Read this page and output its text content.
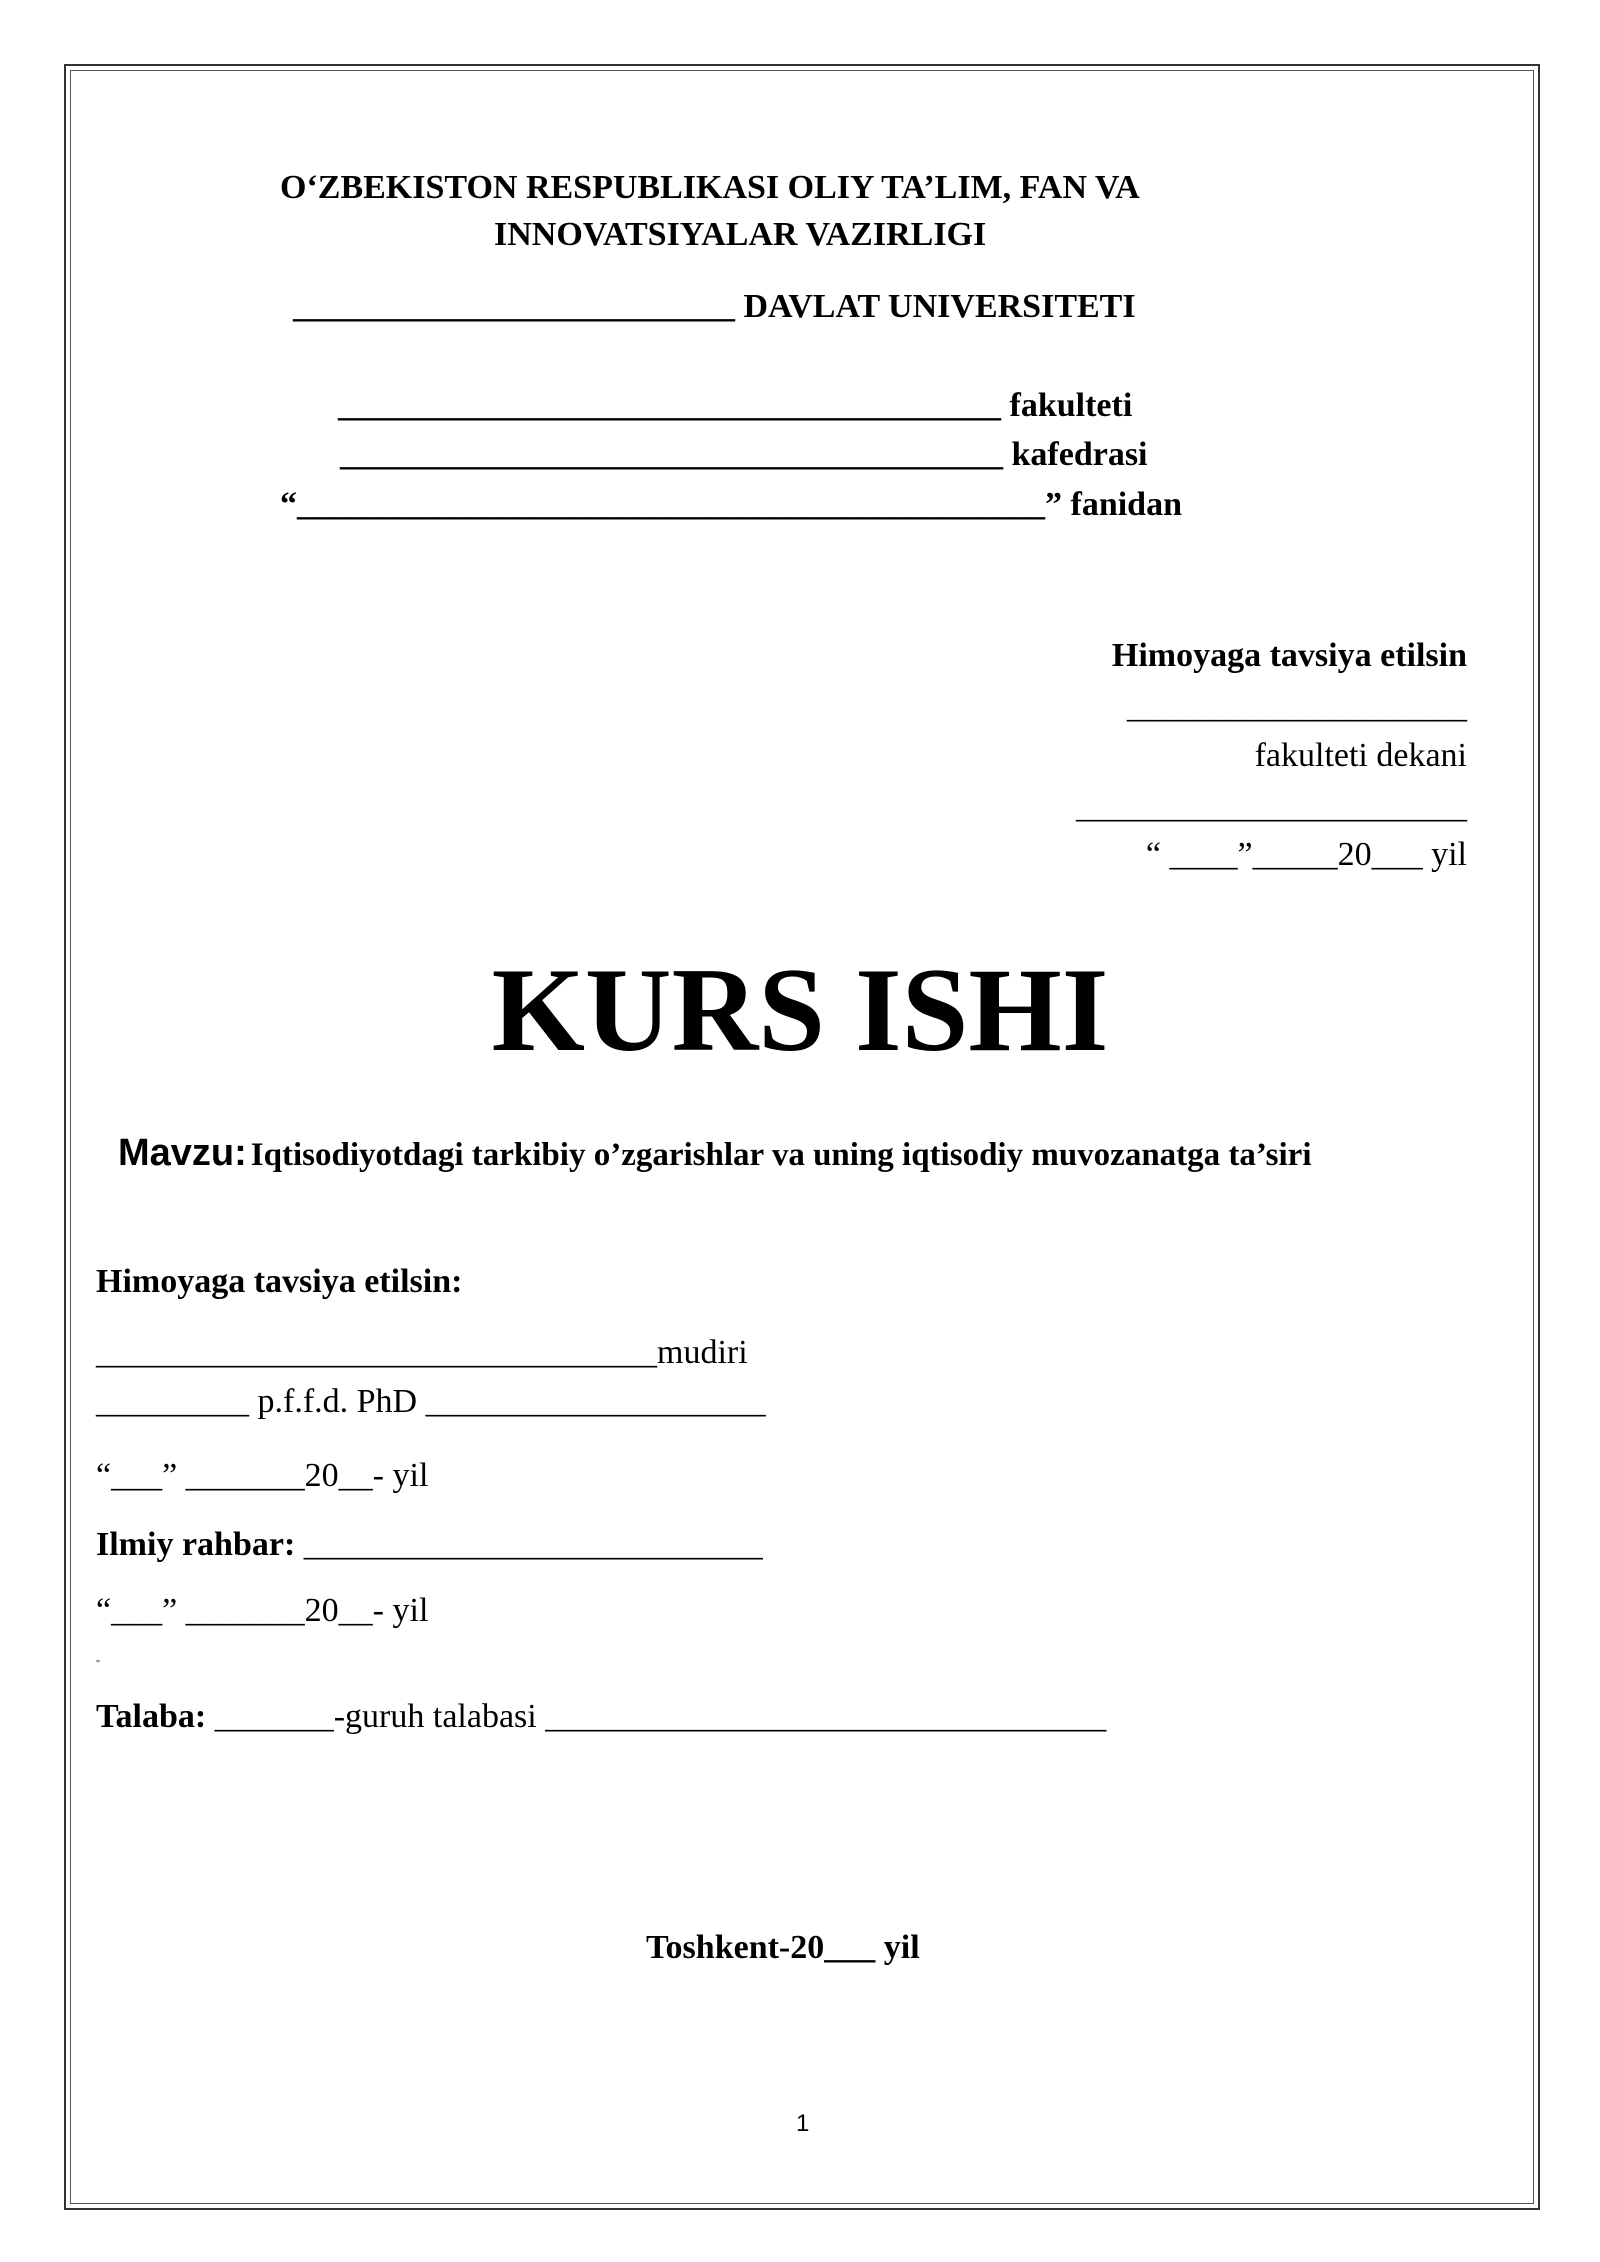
O‘ZBEKISTON RESPUBLIKASI OLIY TA’LIM, FAN VA
INNOVATSIYALAR VAZIRLIGI
__________________________ DAVLAT UNIVERSITETI
_______________________________________ fakulteti
_______________________________________ kafedrasi
“____________________________________________” fanidan
Himoyaga tavsiya etilsin
____________________
fakulteti dekani
_______________________
“ ____”_____20___ yil
KURS ISHI
Mavzu: Iqtisodiyotdagi tarkibiy o’zgarishlar va uning iqtisodiy muvozanatga ta’siri
Himoyaga tavsiya etilsin:
_________________________________mudiri
_________ p.f.f.d. PhD ____________________
“___” _______20__- yil
Ilmiy rahbar: ___________________________
“___” _______20__- yil
"
Talaba: _______-guruh talabasi _________________________________
Toshkent-20___ yil
1
